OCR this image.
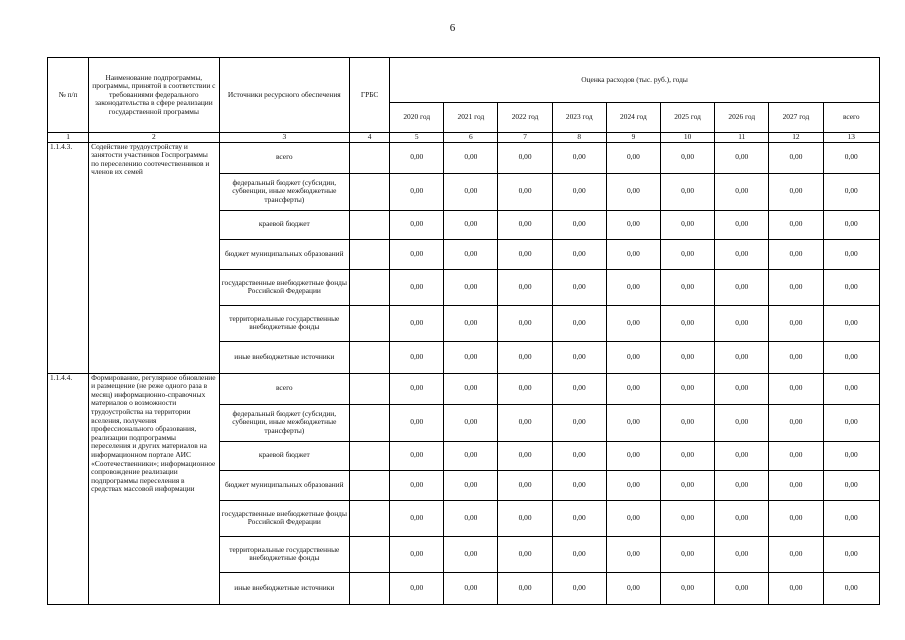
6
№ п/п	Наименование подпрограммы, программы, принятой в соответствии с требованиями федерального законодательства в сфере реализации государственной программы	Источники ресурсного обеспечения	ГРБС	Оценка расходов (тыс. руб.), годы								
				2020 год	2021 год	2022 год	2023 год	2024 год	2025 год	2026 год	2027 год	всего
1	2	3	4	5	6	7	8	9	10	11	12	13
1.1.4.3.	Содействие трудоустройству и занятости участников Госпрограммы по переселению соотечественников и членов их семей	всего		0,00	0,00	0,00	0,00	0,00	0,00	0,00	0,00	0,00
		федеральный бюджет (субсидии, субвенции, иные межбюджетные трансферты)		0,00	0,00	0,00	0,00	0,00	0,00	0,00	0,00	0,00
		краевой бюджет		0,00	0,00	0,00	0,00	0,00	0,00	0,00	0,00	0,00
		бюджет муниципальных образований		0,00	0,00	0,00	0,00	0,00	0,00	0,00	0,00	0,00
		государственные внебюджетные фонды Российской Федерации		0,00	0,00	0,00	0,00	0,00	0,00	0,00	0,00	0,00
		территориальные государственные внебюджетные фонды		0,00	0,00	0,00	0,00	0,00	0,00	0,00	0,00	0,00
		иные внебюджетные источники		0,00	0,00	0,00	0,00	0,00	0,00	0,00	0,00	0,00
1.1.4.4.	Формирование, регулярное обновление и размещение (не реже одного раза в месяц) информационно-справочных материалов о возможности трудоустройства на территории вселения, получения профессионального образования, реализации подпрограммы переселения и других материалов на информационном портале АИС «Соотечественники»; информационное сопровождение реализации подпрограммы переселения в средствах массовой информации	всего		0,00	0,00	0,00	0,00	0,00	0,00	0,00	0,00	0,00
		федеральный бюджет (субсидии, субвенции, иные межбюджетные трансферты)		0,00	0,00	0,00	0,00	0,00	0,00	0,00	0,00	0,00
		краевой бюджет		0,00	0,00	0,00	0,00	0,00	0,00	0,00	0,00	0,00
		бюджет муниципальных образований		0,00	0,00	0,00	0,00	0,00	0,00	0,00	0,00	0,00
		государственные внебюджетные фонды Российской Федерации		0,00	0,00	0,00	0,00	0,00	0,00	0,00	0,00	0,00
		территориальные государственные внебюджетные фонды		0,00	0,00	0,00	0,00	0,00	0,00	0,00	0,00	0,00
		иные внебюджетные источники		0,00	0,00	0,00	0,00	0,00	0,00	0,00	0,00	0,00
